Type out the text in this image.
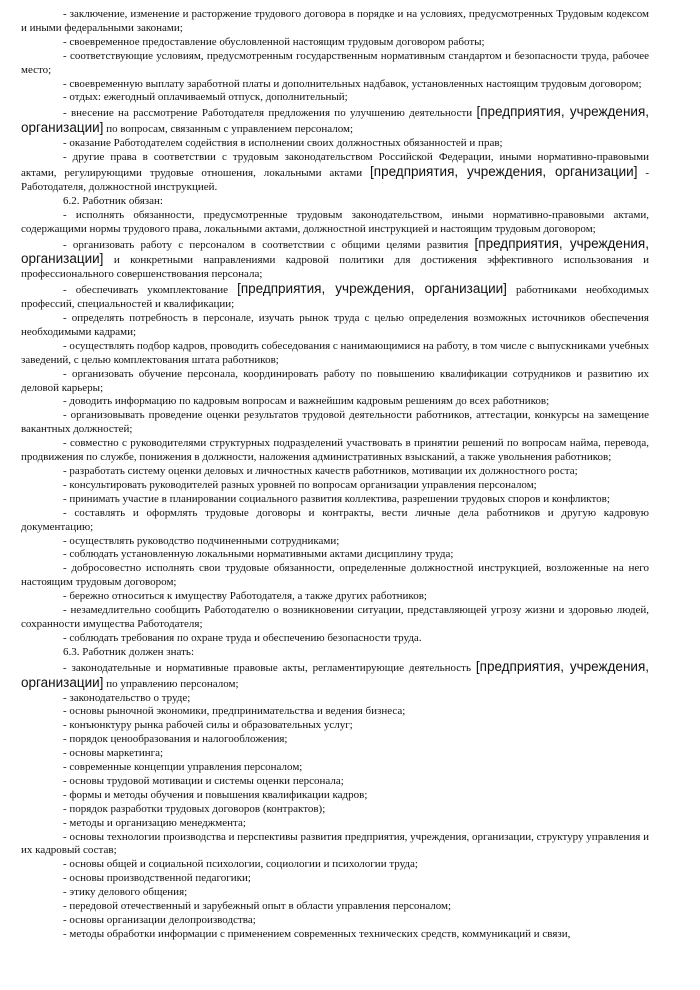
- заключение, изменение и расторжение трудового договора в порядке и на условиях, предусмотренных Трудовым кодексом и иными федеральными законами;

- своевременное предоставление обусловленной настоящим трудовым договором работы;

- соответствующие условиям, предусмотренным государственным нормативным стандартом и безопасности труда, рабочее место;

- своевременную выплату заработной платы и дополнительных надбавок, установленных настоящим трудовым договором;

- отдых: ежегодный оплачиваемый отпуск, дополнительный;

- внесение на рассмотрение Работодателя предложения по улучшению деятельности [предприятия, учреждения, организации] по вопросам, связанным с управлением персоналом;

- оказание Работодателем содействия в исполнении своих должностных обязанностей и прав;

- другие права в соответствии с трудовым законодательством Российской Федерации, иными нормативно-правовыми актами, регулирующими трудовые отношения, локальными актами [предприятия, учреждения, организации] - Работодателя, должностной инструкцией.

6.2. Работник обязан:

- исполнять обязанности, предусмотренные трудовым законодательством, иными нормативно-правовыми актами, содержащими нормы трудового права, локальными актами, должностной инструкцией и настоящим трудовым договором;

- организовать работу с персоналом в соответствии с общими целями развития [предприятия, учреждения, организации] и конкретными направлениями кадровой политики для достижения эффективного использования и профессионального совершенствования персонала;

- обеспечивать укомплектование [предприятия, учреждения, организации] работниками необходимых профессий, специальностей и квалификации;

- определять потребность в персонале, изучать рынок труда с целью определения возможных источников обеспечения необходимыми кадрами;

- осуществлять подбор кадров, проводить собеседования с нанимающимися на работу, в том числе с выпускниками учебных заведений, с целью комплектования штата работников;

- организовать обучение персонала, координировать работу по повышению квалификации сотрудников и развитию их деловой карьеры;

- доводить информацию по кадровым вопросам и важнейшим кадровым решениям до всех работников;

- организовывать проведение оценки результатов трудовой деятельности работников, аттестации, конкурсы на замещение вакантных должностей;

- совместно с руководителями структурных подразделений участвовать в принятии решений по вопросам найма, перевода, продвижения по службе, понижения в должности, наложения административных взысканий, а также увольнения работников;

- разработать систему оценки деловых и личностных качеств работников, мотивации их должностного роста;

- консультировать руководителей разных уровней по вопросам организации управления персоналом;

- принимать участие в планировании социального развития коллектива, разрешении трудовых споров и конфликтов;

- составлять и оформлять трудовые договоры и контракты, вести личные дела работников и другую кадровую документацию;

- осуществлять руководство подчиненными сотрудниками;

- соблюдать установленную локальными нормативными актами дисциплину труда;

- добросовестно исполнять свои трудовые обязанности, определенные должностной инструкцией, возложенные на него настоящим трудовым договором;

- бережно относиться к имуществу Работодателя, а также других работников;

- незамедлительно сообщить Работодателю о возникновении ситуации, представляющей угрозу жизни и здоровью людей, сохранности имущества Работодателя;

- соблюдать требования по охране труда и обеспечению безопасности труда.

6.3. Работник должен знать:

- законодательные и нормативные правовые акты, регламентирующие деятельность [предприятия, учреждения, организации] по управлению персоналом;

- законодательство о труде;

- основы рыночной экономики, предпринимательства и ведения бизнеса;

- конъюнктуру рынка рабочей силы и образовательных услуг;

- порядок ценообразования и налогообложения;

- основы маркетинга;

- современные концепции управления персоналом;

- основы трудовой мотивации и системы оценки персонала;

- формы и методы обучения и повышения квалификации кадров;

- порядок разработки трудовых договоров (контрактов);

- методы и организацию менеджмента;

- основы технологии производства и перспективы развития предприятия, учреждения, организации, структуру управления и их кадровый состав;

- основы общей и социальной психологии, социологии и психологии труда;

- основы производственной педагогики;

- этику делового общения;

- передовой отечественный и зарубежный опыт в области управления персоналом;

- основы организации делопроизводства;

- методы обработки информации с применением современных технических средств, коммуникаций и связи,
